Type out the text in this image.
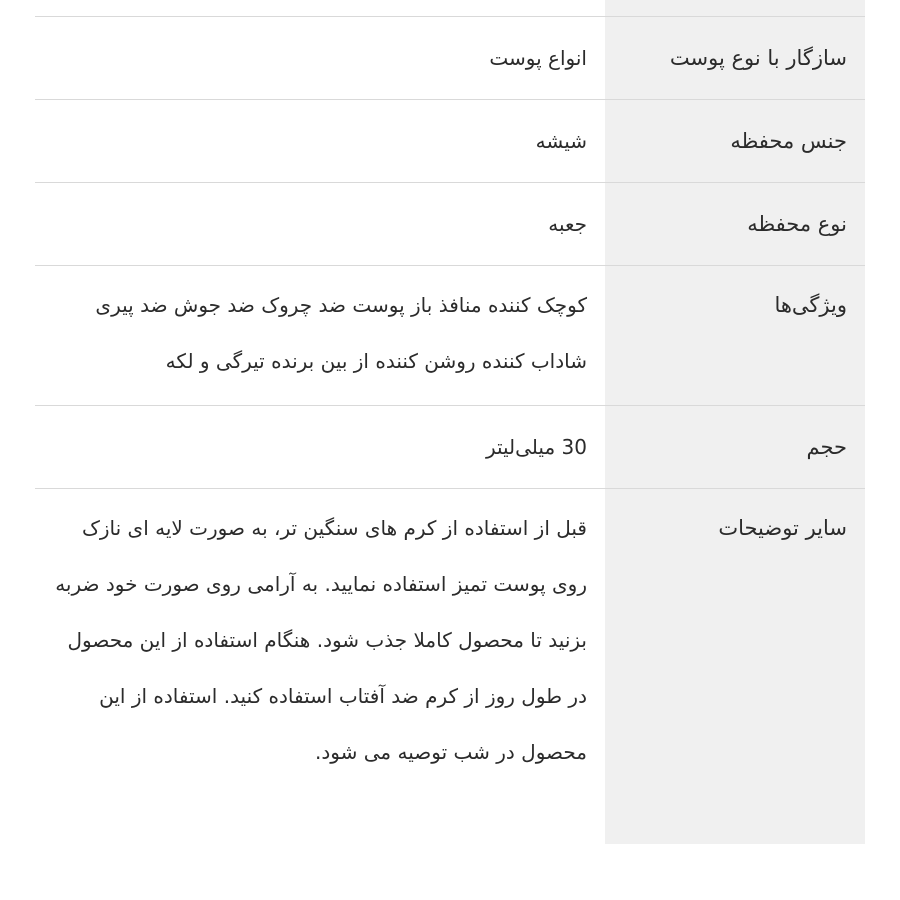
سازگار با نوع پوست
انواع پوست
جنس محفظه
شیشه
نوع محفظه
جعبه
ویژگی‌ها
کوچک کننده منافذ باز پوست ضد چروک ضد جوش ضد پیری شاداب کننده روشن کننده از بین برنده تیرگی و لکه
حجم
30 میلی‌لیتر
سایر توضیحات
قبل از استفاده از کرم های سنگین تر، به صورت لایه ای نازک روی پوست تمیز استفاده نمایید. به آرامی روی صورت خود ضربه بزنید تا محصول کاملا جذب شود. هنگام استفاده از این محصول در طول روز از کرم ضد آفتاب استفاده کنید. استفاده از این محصول در شب توصیه می شود.
